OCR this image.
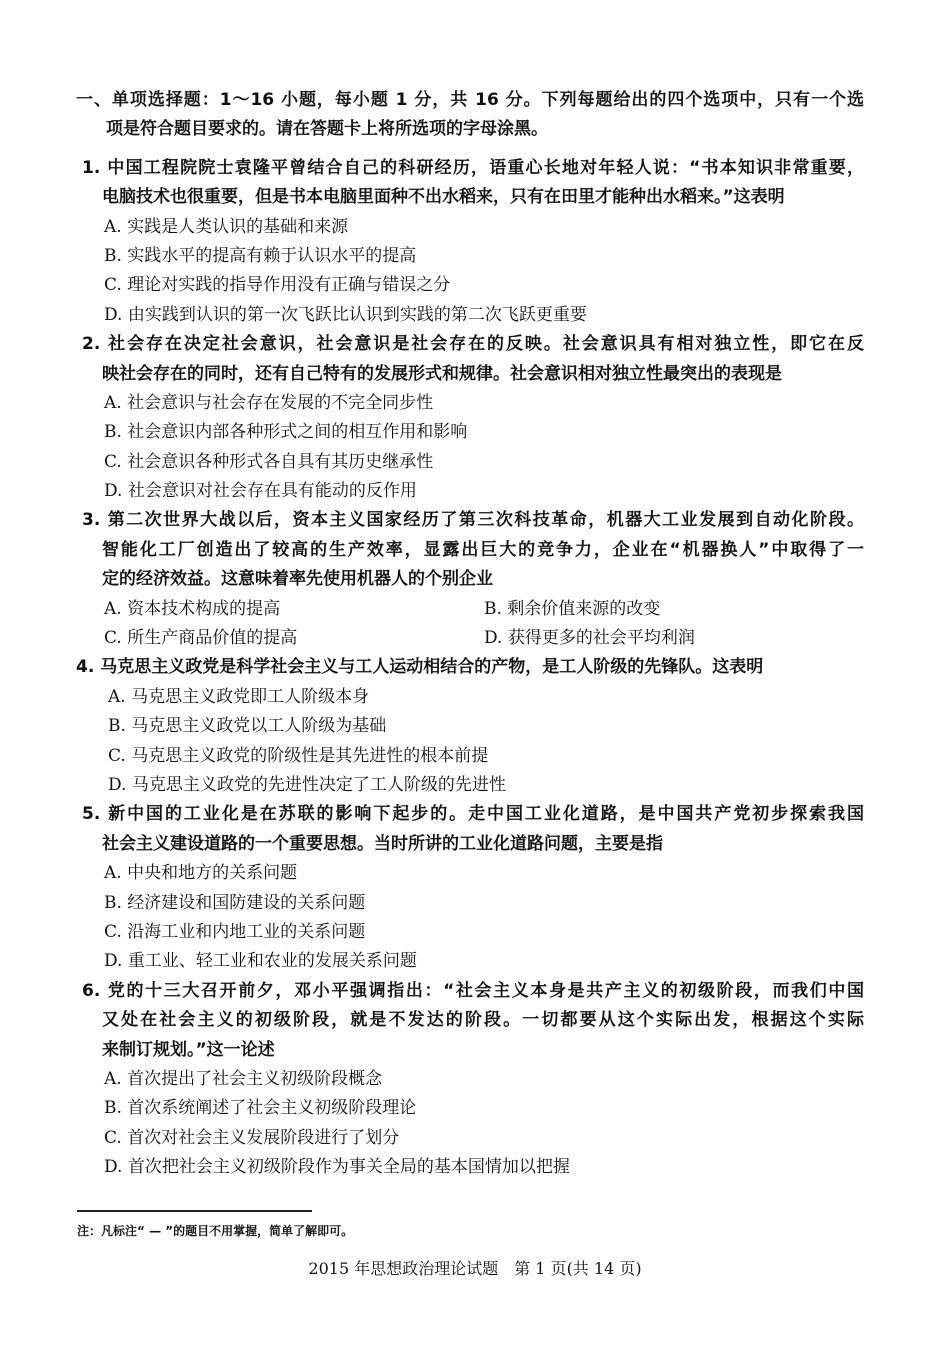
一、单项选择题：1～16 小题，每小题 1 分，共 16 分。下列每题给出的四个选项中，只有一个选
项是符合题目要求的。请在答题卡上将所选项的字母涂黑。
1. 中国工程院院士袁隆平曾结合自己的科研经历，语重心长地对年轻人说：“书本知识非常重要，
电脑技术也很重要，但是书本电脑里面种不出水稻来，只有在田里才能种出水稻来。”这表明
A. 实践是人类认识的基础和来源
B. 实践水平的提高有赖于认识水平的提高
C. 理论对实践的指导作用没有正确与错误之分
D. 由实践到认识的第一次飞跃比认识到实践的第二次飞跃更重要
2. 社会存在决定社会意识，社会意识是社会存在的反映。社会意识具有相对独立性，即它在反
映社会存在的同时，还有自己特有的发展形式和规律。社会意识相对独立性最突出的表现是
A. 社会意识与社会存在发展的不完全同步性
B. 社会意识内部各种形式之间的相互作用和影响
C. 社会意识各种形式各自具有其历史继承性
D. 社会意识对社会存在具有能动的反作用
3. 第二次世界大战以后，资本主义国家经历了第三次科技革命，机器大工业发展到自动化阶段。
智能化工厂创造出了较高的生产效率，显露出巨大的竞争力，企业在“机器换人”中取得了一
定的经济效益。这意味着率先使用机器人的个别企业
A. 资本技术构成的提高	B. 剩余价值来源的改变
C. 所生产商品价值的提高	D. 获得更多的社会平均利润
4. 马克思主义政党是科学社会主义与工人运动相结合的产物，是工人阶级的先锋队。这表明
A. 马克思主义政党即工人阶级本身
B. 马克思主义政党以工人阶级为基础
C. 马克思主义政党的阶级性是其先进性的根本前提
D. 马克思主义政党的先进性决定了工人阶级的先进性
5. 新中国的工业化是在苏联的影响下起步的。走中国工业化道路，是中国共产党初步探索我国
社会主义建设道路的一个重要思想。当时所讲的工业化道路问题，主要是指
A. 中央和地方的关系问题
B. 经济建设和国防建设的关系问题
C. 沿海工业和内地工业的关系问题
D. 重工业、轻工业和农业的发展关系问题
6. 党的十三大召开前夕，邓小平强调指出：“社会主义本身是共产主义的初级阶段，而我们中国
又处在社会主义的初级阶段，就是不发达的阶段。一切都要从这个实际出发，根据这个实际
来制订规划。”这一论述
A. 首次提出了社会主义初级阶段概念
B. 首次系统阐述了社会主义初级阶段理论
C. 首次对社会主义发展阶段进行了划分
D. 首次把社会主义初级阶段作为事关全局的基本国情加以把握
注：凡标注“ — ”的题目不用掌握，简单了解即可。
2015 年思想政治理论试题　第 1 页(共 14 页)
